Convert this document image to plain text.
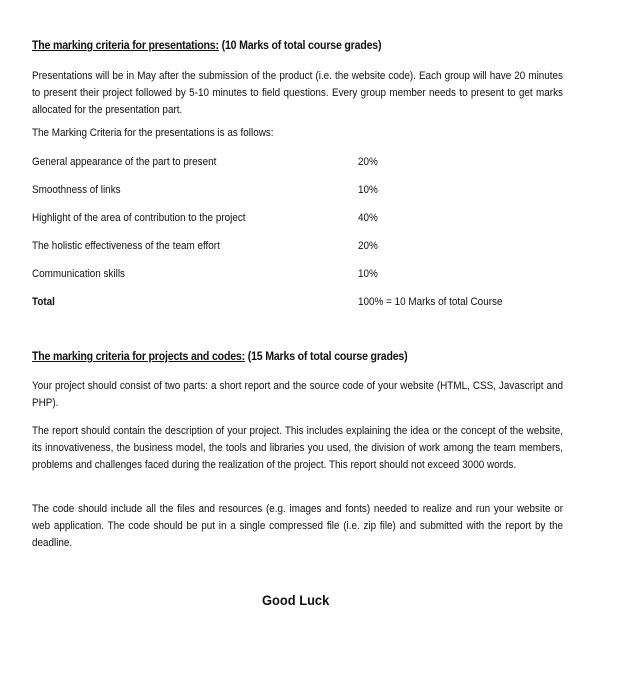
The marking criteria for presentations: (10 Marks of total course grades)
Presentations will be in May after the submission of the product (i.e. the website code). Each group will have 20 minutes to present their project followed by 5-10 minutes to field questions. Every group member needs to present to get marks allocated for the presentation part.
The Marking Criteria for the presentations is as follows:
General appearance of the part to present	20%
Smoothness of links	10%
Highlight of the area of contribution to the project	40%
The holistic effectiveness of the team effort	20%
Communication skills	10%
Total	100% = 10 Marks of total Course
The marking criteria for projects and codes: (15 Marks of total course grades)
Your project should consist of two parts: a short report and the source code of your website (HTML, CSS, Javascript and PHP).
The report should contain the description of your project. This includes explaining the idea or the concept of the website, its innovativeness, the business model, the tools and libraries you used, the division of work among the team members, problems and challenges faced during the realization of the project. This report should not exceed 3000 words.
The code should include all the files and resources (e.g. images and fonts) needed to realize and run your website or web application. The code should be put in a single compressed file (i.e. zip file) and submitted with the report by the deadline.
Good Luck
